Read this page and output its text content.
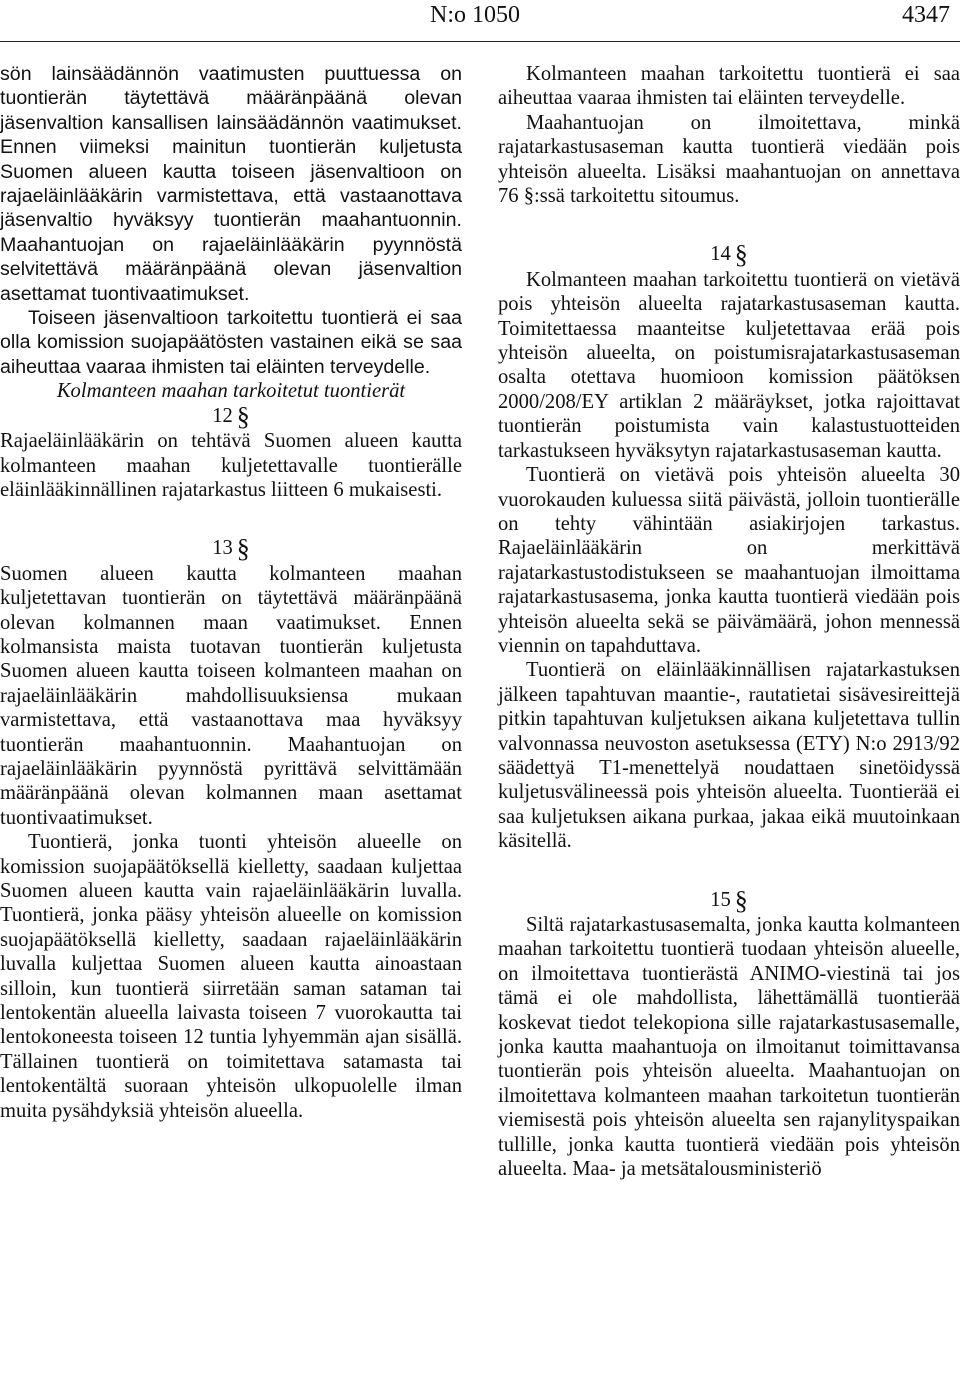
N:o 1050	4347

sön lainsäädännön vaatimusten puuttuessa on tuontierän täytettävä määränpäänä olevan jäsenvaltion kansallisen lainsäädännön vaatimukset. Ennen viimeksi mainitun tuontierän kuljetusta Suomen alueen kautta toiseen jäsenvaltioon on rajaeläinlääkärin varmistettava, että vastaanottava jäsenvaltio hyväksyy tuontierän maahantuonnin. Maahantuojan on rajaeläinlääkärin pyynnöstä selvitettävä määränpäänä olevan jäsenvaltion asettamat tuontivaatimukset.

Toiseen jäsenvaltioon tarkoitettu tuontierä ei saa olla komission suojapäätösten vastainen eikä se saa aiheuttaa vaaraa ihmisten tai eläinten terveydelle.

Kolmanteen maahan tarkoitetut tuontierät

12 §

Rajaeläinlääkärin on tehtävä Suomen alueen kautta kolmanteen maahan kuljetettavalle tuontierälle eläinlääkinnällinen rajatarkastus liitteen 6 mukaisesti.

13 §

Suomen alueen kautta kolmanteen maahan kuljetettavan tuontierän on täytettävä määränpäänä olevan kolmannen maan vaatimukset. Ennen kolmansista maista tuotavan tuontierän kuljetusta Suomen alueen kautta toiseen kolmanteen maahan on rajaeläinlääkärin mahdollisuuksiensa mukaan varmistettava, että vastaanottava maa hyväksyy tuontierän maahantuonnin. Maahantuojan on rajaeläinlääkärin pyynnöstä pyrittävä selvittämään määränpäänä olevan kolmannen maan asettamat tuontivaatimukset.

Tuontierä, jonka tuonti yhteisön alueelle on komission suojapäätöksellä kielletty, saadaan kuljettaa Suomen alueen kautta vain rajaeläinlääkärin luvalla. Tuontierä, jonka pääsy yhteisön alueelle on komission suojapäätöksellä kielletty, saadaan rajaeläinlääkärin luvalla kuljettaa Suomen alueen kautta ainoastaan silloin, kun tuontierä siirretään saman sataman tai lentokentän alueella laivasta toiseen 7 vuorokautta tai lentokoneesta toiseen 12 tuntia lyhyemmän ajan sisällä. Tällainen tuontierä on toimitettava satamasta tai lentokentältä suoraan yhteisön ulkopuolelle ilman muita pysähdyksiä yhteisön alueella.

Kolmanteen maahan tarkoitettu tuontierä ei saa aiheuttaa vaaraa ihmisten tai eläinten terveydelle.

Maahantuojan on ilmoitettava, minkä rajatarkastusaseman kautta tuontierä viedään pois yhteisön alueelta. Lisäksi maahantuojan on annettava 76 §:ssä tarkoitettu sitoumus.

14 §

Kolmanteen maahan tarkoitettu tuontierä on vietävä pois yhteisön alueelta rajatarkastusaseman kautta. Toimitettaessa maanteitse kuljetettavaa erää pois yhteisön alueelta, on poistumisrajatarkastusaseman osalta otettava huomioon komission päätöksen 2000/208/EY artiklan 2 määräykset, jotka rajoittavat tuontierän poistumista vain kalastustuotteiden tarkastukseen hyväksytyn rajatarkastusaseman kautta.

Tuontierä on vietävä pois yhteisön alueelta 30 vuorokauden kuluessa siitä päivästä, jolloin tuontierälle on tehty vähintään asiakirjojen tarkastus. Rajaeläinlääkärin on merkittävä rajatarkastustodistukseen se maahantuojan ilmoittama rajatarkastusasema, jonka kautta tuontierä viedään pois yhteisön alueelta sekä se päivämäärä, johon mennessä viennin on tapahduttava.

Tuontierä on eläinlääkinnällisen rajatarkastuksen jälkeen tapahtuvan maantie-, rautatietai sisävesireittejä pitkin tapahtuvan kuljetuksen aikana kuljetettava tullin valvonnassa neuvoston asetuksessa (ETY) N:o 2913/92 säädettyä T1-menettelyä noudattaen sinetöidyssä kuljetusvälineessä pois yhteisön alueelta. Tuontierää ei saa kuljetuksen aikana purkaa, jakaa eikä muutoinkaan käsitellä.

15 §

Siltä rajatarkastusasemalta, jonka kautta kolmanteen maahan tarkoitettu tuontierä tuodaan yhteisön alueelle, on ilmoitettava tuontierästä ANIMO-viestinä tai jos tämä ei ole mahdollista, lähettämällä tuontierää koskevat tiedot telekopiona sille rajatarkastusasemalle, jonka kautta maahantuoja on ilmoitanut toimittavansa tuontierän pois yhteisön alueelta. Maahantuojan on ilmoitettava kolmanteen maahan tarkoitetun tuontierän viemisestä pois yhteisön alueelta sen rajanylityspaikan tullille, jonka kautta tuontierä viedään pois yhteisön alueelta. Maa- ja metsätalousministeriö
